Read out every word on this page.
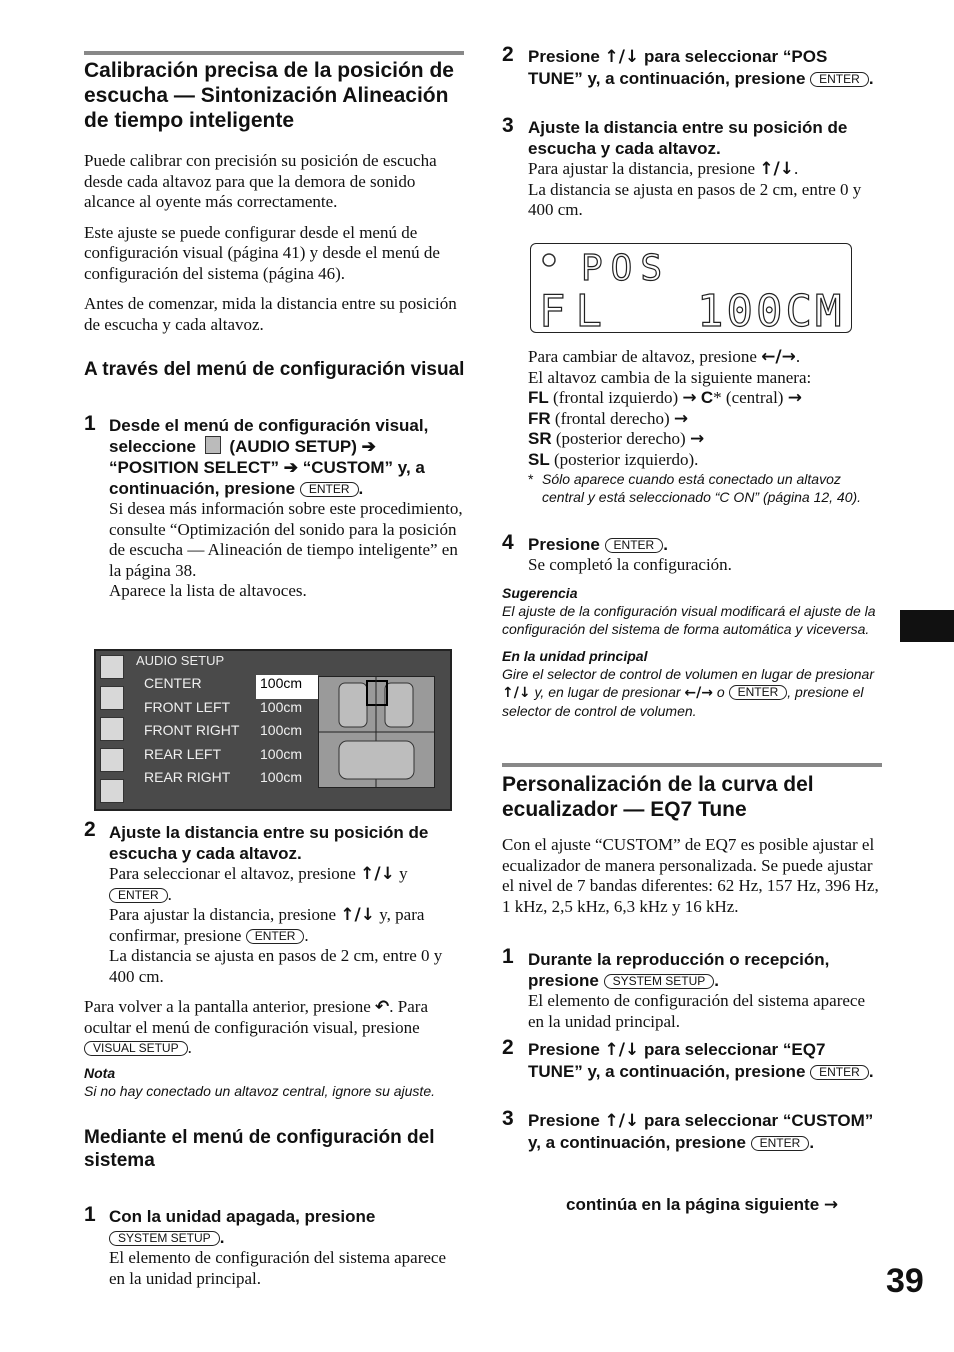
Calibración precisa de la posición de escucha — Sintonización Alineación de tiempo inteligente

Puede calibrar con precisión su posición de escucha desde cada altavoz para que la demora de sonido alcance al oyente más correctamente.

Este ajuste se puede configurar desde el menú de configuración visual (página 41) y desde el menú de configuración del sistema (página 46).

Antes de comenzar, mida la distancia entre su posición de escucha y cada altavoz.

A través del menú de configuración visual
1 Desde el menú de configuración visual, seleccione (AUDIO SETUP) ➔ “POSITION SELECT” ➔ “CUSTOM” y, a continuación, presione ENTER .
Si desea más información sobre este procedimiento, consulte “Optimización del sonido para la posición de escucha — Alineación de tiempo inteligente” en la página 38.
Aparece la lista de altavoces.
AUDIO SETUP
CENTER	100cm
FRONT LEFT	100cm
FRONT RIGHT	100cm
REAR LEFT	100cm
REAR RIGHT	100cm
2 Ajuste la distancia entre su posición de escucha y cada altavoz.
Para seleccionar el altavoz, presione ↑/↓ y ENTER .
Para ajustar la distancia, presione ↑/↓ y, para confirmar, presione ENTER .
La distancia se ajusta en pasos de 2 cm, entre 0 y 400 cm.

Para volver a la pantalla anterior, presione ↶. Para ocultar el menú de configuración visual, presione VISUAL SETUP .

Nota
Si no hay conectado un altavoz central, ignore su ajuste.
Mediante el menú de configuración del sistema
1 Con la unidad apagada, presione
SYSTEM SETUP .
El elemento de configuración del sistema aparece en la unidad principal.
2 Presione ↑/↓ para seleccionar “POS TUNE” y, a continuación, presione ENTER .
3 Ajuste la distancia entre su posición de escucha y cada altavoz.
Para ajustar la distancia, presione ↑/↓.
La distancia se ajusta en pasos de 2 cm, entre 0 y 400 cm.
POS
FL 100CM
Para cambiar de altavoz, presione ←/→.
El altavoz cambia de la siguiente manera:
FL (frontal izquierdo) → C* (central) →
FR (frontal derecho) →
SR (posterior derecho) →
SL (posterior izquierdo).
* Sólo aparece cuando está conectado un altavoz central y está seleccionado “C ON” (página 12, 40).
4 Presione ENTER .
Se completó la configuración.
Sugerencia
El ajuste de la configuración visual modificará el ajuste de la configuración del sistema de forma automática y viceversa.
En la unidad principal
Gire el selector de control de volumen en lugar de presionar ↑/↓ y, en lugar de presionar ←/→ o ENTER , presione el selector de control de volumen.
Personalización de la curva del ecualizador — EQ7 Tune

Con el ajuste “CUSTOM” de EQ7 es posible ajustar el ecualizador de manera personalizada. Se puede ajustar el nivel de 7 bandas diferentes: 62 Hz, 157 Hz, 396 Hz, 1 kHz, 2,5 kHz, 6,3 kHz y 16 kHz.

1 Durante la reproducción o recepción, presione SYSTEM SETUP .
El elemento de configuración del sistema aparece en la unidad principal.
2 Presione ↑/↓ para seleccionar “EQ7 TUNE” y, a continuación, presione ENTER .
3 Presione ↑/↓ para seleccionar “CUSTOM” y, a continuación, presione ENTER .
continúa en la página siguiente →
39
